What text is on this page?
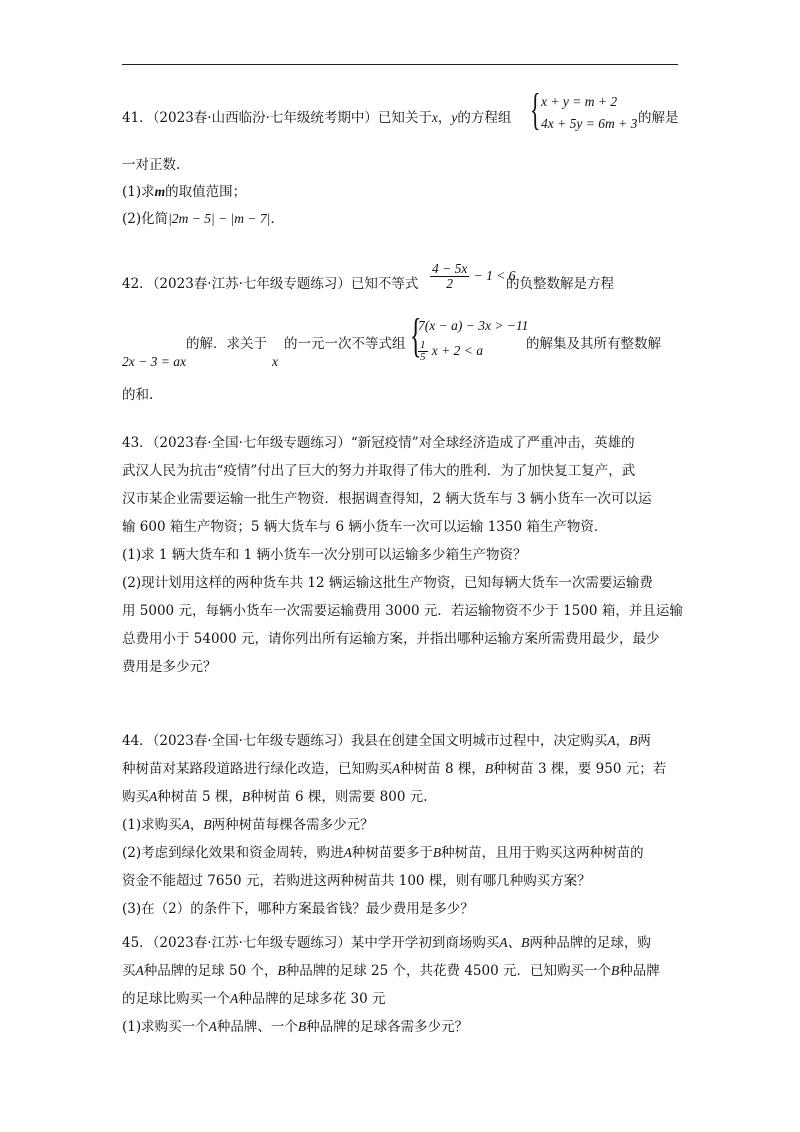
41．（2023春·山西临汾·七年级统考期中）已知关于x，y的方程组 { x + y = m + 2
4x + 5y = 6m + 3 的解是
一对正数.
(1)求m的取值范围；
(2)化简|2m − 5| − |m − 7|.
42．（2023春·江苏·七年级专题练习）已知不等式 $\frac{4 - 5x}{2} - 1 < 6$
的负整数解是方程
的解．求关于 的一元一次不等式组
2x − 3 = ax	x	{
7(x − a) − 3x > −11
$\frac{1}{5}$ x + 2 < a	的解集及其所有整数解
的和.
43．（2023春·全国·七年级专题练习）“新冠疫情”对全球经济造成了严重冲击，英雄的
武汉人民为抗击“疫情”付出了巨大的努力并取得了伟大的胜利．为了加快复工复产，武
汉市某企业需要运输一批生产物资．根据调查得知，2 辆大货车与 3 辆小货车一次可以运
输 600 箱生产物资；5 辆大货车与 6 辆小货车一次可以运输 1350 箱生产物资．
(1)求 1 辆大货车和 1 辆小货车一次分别可以运输多少箱生产物资？
(2)现计划用这样的两种货车共 12 辆运输这批生产物资，已知每辆大货车一次需要运输费
用 5000 元，每辆小货车一次需要运输费用 3000 元．若运输物资不少于 1500 箱，并且运输
总费用小于 54000 元，请你列出所有运输方案，并指出哪种运输方案所需费用最少，最少
费用是多少元？
44．（2023春·全国·七年级专题练习）我县在创建全国文明城市过程中，决定购买A，B两
种树苗对某路段道路进行绿化改造，已知购买A种树苗 8 棵，B种树苗 3 棵，要 950 元；若
购买A种树苗 5 棵，B种树苗 6 棵，则需要 800 元.
(1)求购买A，B两种树苗每棵各需多少元？
(2)考虑到绿化效果和资金周转，购进A种树苗要多于B种树苗，且用于购买这两种树苗的
资金不能超过 7650 元，若购进这两种树苗共 100 棵，则有哪几种购买方案？
(3)在（2）的条件下，哪种方案最省钱？最少费用是多少？
45．（2023春·江苏·七年级专题练习）某中学开学初到商场购买A、B两种品牌的足球，购
买A种品牌的足球 50 个，B种品牌的足球 25 个，共花费 4500 元．已知购买一个B种品牌
的足球比购买一个A种品牌的足球多花 30 元
(1)求购买一个A种品牌、一个B种品牌的足球各需多少元？
